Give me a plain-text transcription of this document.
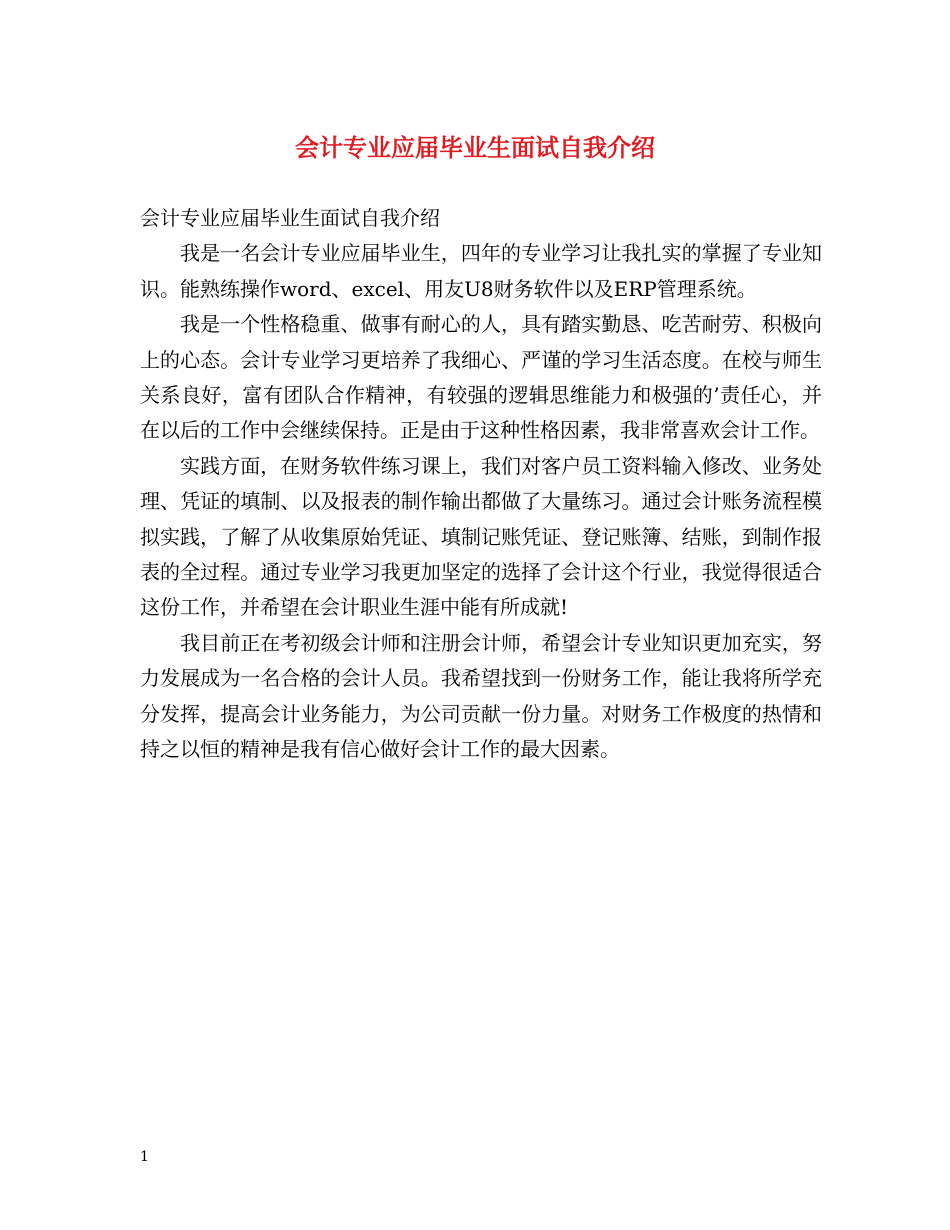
会计专业应届毕业生面试自我介绍

会计专业应届毕业生面试自我介绍

我是一名会计专业应届毕业生，四年的专业学习让我扎实的掌握了专业知识。能熟练操作word、excel、用友U8财务软件以及ERP管理系统。

我是一个性格稳重、做事有耐心的人，具有踏实勤恳、吃苦耐劳、积极向上的心态。会计专业学习更培养了我细心、严谨的学习生活态度。在校与师生关系良好，富有团队合作精神，有较强的逻辑思维能力和极强的’责任心，并在以后的工作中会继续保持。正是由于这种性格因素，我非常喜欢会计工作。

实践方面，在财务软件练习课上，我们对客户员工资料输入修改、业务处理、凭证的填制、以及报表的制作输出都做了大量练习。通过会计账务流程模拟实践，了解了从收集原始凭证、填制记账凭证、登记账簿、结账，到制作报表的全过程。通过专业学习我更加坚定的选择了会计这个行业，我觉得很适合这份工作，并希望在会计职业生涯中能有所成就!

我目前正在考初级会计师和注册会计师，希望会计专业知识更加充实，努力发展成为一名合格的会计人员。我希望找到一份财务工作，能让我将所学充分发挥，提高会计业务能力，为公司贡献一份力量。对财务工作极度的热情和持之以恒的精神是我有信心做好会计工作的最大因素。

1
